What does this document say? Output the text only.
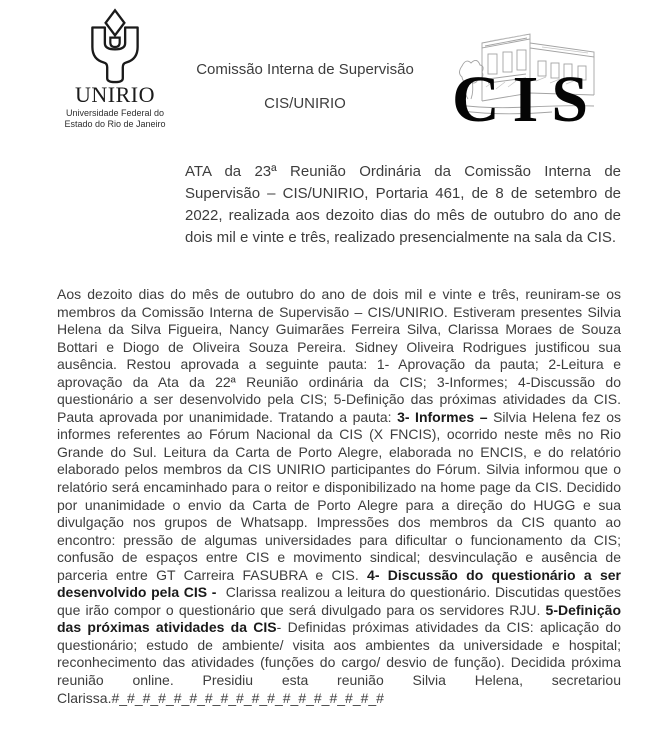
UNIRIO
Universidade Federal do
Estado do Rio de Janeiro
Comissão Interna de Supervisão
CIS/UNIRIO	CIS
ATA da 23ª Reunião Ordinária da Comissão Interna de Supervisão – CIS/UNIRIO, Portaria 461, de 8 de setembro de 2022, realizada aos dezoito dias do mês de outubro do ano de dois mil e vinte e três, realizado presencialmente na sala da CIS.
Aos dezoito dias do mês de outubro do ano de dois mil e vinte e três, reuniram-se os membros da Comissão Interna de Supervisão – CIS/UNIRIO. Estiveram presentes Silvia Helena da Silva Figueira, Nancy Guimarães Ferreira Silva, Clarissa Moraes de Souza Bottari e Diogo de Oliveira Souza Pereira. Sidney Oliveira Rodrigues justificou sua ausência. Restou aprovada a seguinte pauta: 1- Aprovação da pauta; 2-Leitura e aprovação da Ata da 22ª Reunião ordinária da CIS; 3-Informes; 4-Discussão do questionário a ser desenvolvido pela CIS; 5-Definição das próximas atividades da CIS. Pauta aprovada por unanimidade. Tratando a pauta: 3- Informes – Silvia Helena fez os informes referentes ao Fórum Nacional da CIS (X FNCIS), ocorrido neste mês no Rio Grande do Sul. Leitura da Carta de Porto Alegre, elaborada no ENCIS, e do relatório elaborado pelos membros da CIS UNIRIO participantes do Fórum. Silvia informou que o relatório será encaminhado para o reitor e disponibilizado na home page da CIS. Decidido por unanimidade o envio da Carta de Porto Alegre para a direção do HUGG e sua divulgação nos grupos de Whatsapp. Impressões dos membros da CIS quanto ao encontro: pressão de algumas universidades para dificultar o funcionamento da CIS; confusão de espaços entre CIS e movimento sindical; desvinculação e ausência de parceria entre GT Carreira FASUBRA e CIS. 4- Discussão do questionário a ser desenvolvido pela CIS -  Clarissa realizou a leitura do questionário. Discutidas questões que irão compor o questionário que será divulgado para os servidores RJU. 5-Definição das próximas atividades da CIS- Definidas próximas atividades da CIS: aplicação do questionário; estudo de ambiente/ visita aos ambientes da universidade e hospital; reconhecimento das atividades (funções do cargo/ desvio de função). Decidida próxima reunião online. Presidiu esta reunião Silvia Helena, secretariou Clarissa.#_#_#_#_#_#_#_#_#_#_#_#_#_#_#_#_#_#
